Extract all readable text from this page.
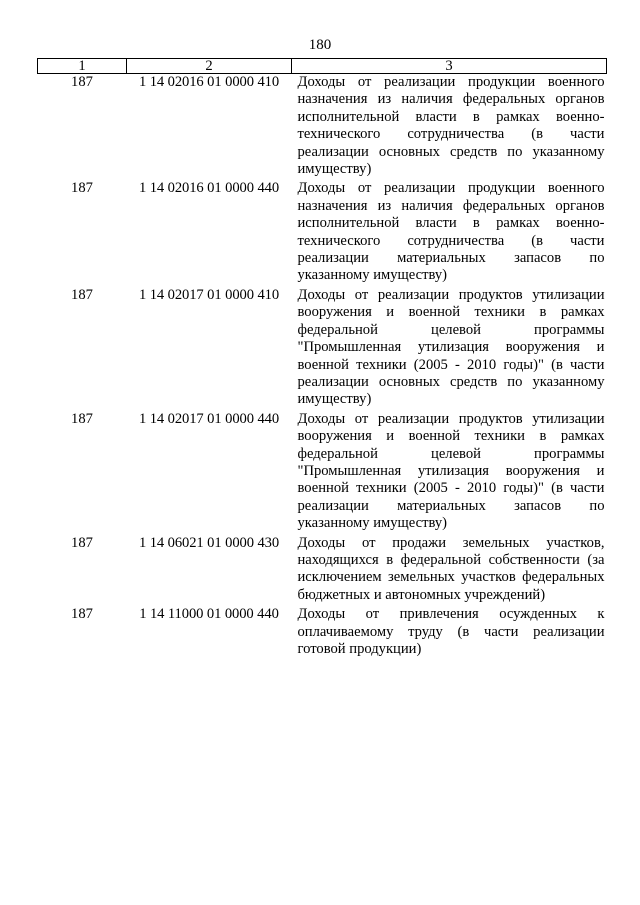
180
1	2	3
187	1 14 02016 01 0000 410	Доходы от реализации продукции военного назначения из наличия федеральных органов исполнительной власти в рамках военно-технического сотрудничества (в части реализации основных средств по указанному имуществу)
187	1 14 02016 01 0000 440	Доходы от реализации продукции военного назначения из наличия федеральных органов исполнительной власти в рамках военно-технического сотрудничества (в части реализации материальных запасов по указанному имуществу)
187	1 14 02017 01 0000 410	Доходы от реализации продуктов утилизации вооружения и военной техники в рамках федеральной целевой программы "Промышленная утилизация вооружения и военной техники (2005 - 2010 годы)" (в части реализации основных средств по указанному имуществу)
187	1 14 02017 01 0000 440	Доходы от реализации продуктов утилизации вооружения и военной техники в рамках федеральной целевой программы "Промышленная утилизация вооружения и военной техники (2005 - 2010 годы)" (в части реализации материальных запасов по указанному имуществу)
187	1 14 06021 01 0000 430	Доходы от продажи земельных участков, находящихся в федеральной собственности (за исключением земельных участков федеральных бюджетных и автономных учреждений)
187	1 14 11000 01 0000 440	Доходы от привлечения осужденных к оплачиваемому труду (в части реализации готовой продукции)
